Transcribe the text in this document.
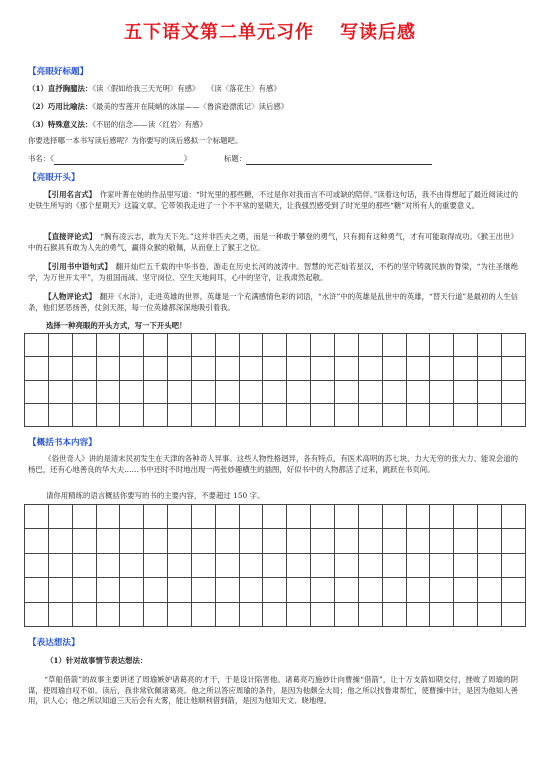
五下语文第二单元习作 写读后感
【亮眼好标题】
（1）直抒胸臆法：《读〈假如给我三天光明〉有感》　　《读〈落花生〉有感》
（2）巧用比喻法：《最美的雪莲开在陡峭的冰崖——〈鲁滨逊漂流记〉读后感》
（3）特殊意义法：《不屈的信念——读〈红岩〉有感》
你要选择哪一本书写读后感呢？为你要写的读后感拟一个标题吧。
书名：《	》	标题：
【亮眼开头】
【引用名言式】　 作家叶菁在她的作品里写道：“时光里的那些糖，不过是你对我而言不可或缺的陪伴。”读着这句话，我不由得想起了最近阅读过的史铁生所写的《那个星期天》这篇文章。它带领我走进了一个不平常的星期天，让我强烈感受到了时光里的那些“糖”对所有人的重要意义。
【直接评论式】　 “胸有凌云志，敢为天下先。”这并非匹夫之勇，而是一种敢于攀登的勇气，只有拥有这种勇气，才有可能取得成功。《猴王出世》中的石猴具有敢为人先的勇气，赢得众猴的敬佩，从而登上了猴王之位。
【引用书中语句式】　 翻开灿烂五千载的中华书卷，游走在历史长河的波涛中。智慧的光芒灿若星汉，不朽的坚守铸就民族的脊梁，“为往圣继绝学，为万世开太平”，为祖国而战、坚守岗位、空生天地间耳，心中的坚守，让我肃然起敬。
【人物评论式】　 翻开《水浒》，走进英雄的世界。英雄是一个充满感情色彩的词语，“水浒”中的英雄是乱世中的英雄，“替天行道”是最初的人生信条，他们惩恶扬善，仗剑天涯，每一位英雄都深深地吸引着我。
选择一种亮眼的开头方式，写一下开头吧！

【概括书本内容】
《俗世奇人》讲的是清末民初发生在天津的各种奇人异事。这些人物性格迥异，各有特点，有医术高明的苏七块、力大无穷的张大力、能说会道的杨巴，还有心地善良的华大夫……书中还时不时地出现一两张妙趣横生的插图，好似书中的人物都活了过来，跳跃在书页间。
请你用精练的语言概括你要写的书的主要内容，不要超过 150 字。

【表达想法】
（1）针对故事情节表达想法：
“草船借箭”的故事主要讲述了周瑜嫉妒诸葛亮的才干，于是设计陷害他。诸葛亮巧施妙计向曹操“借箭”，让十万支箭如期交付，挫败了周瑜的阴谋，使周瑜自叹不如。读后，我非常钦佩诸葛亮。他之所以答应周瑜的条件，是因为他颇全大局；他之所以找鲁肃帮忙，使曹操中计，是因为他知人善用，识人心；他之所以知道三天后会有大雾，能让他顺利借到箭，是因为他知天文、晓地理。
